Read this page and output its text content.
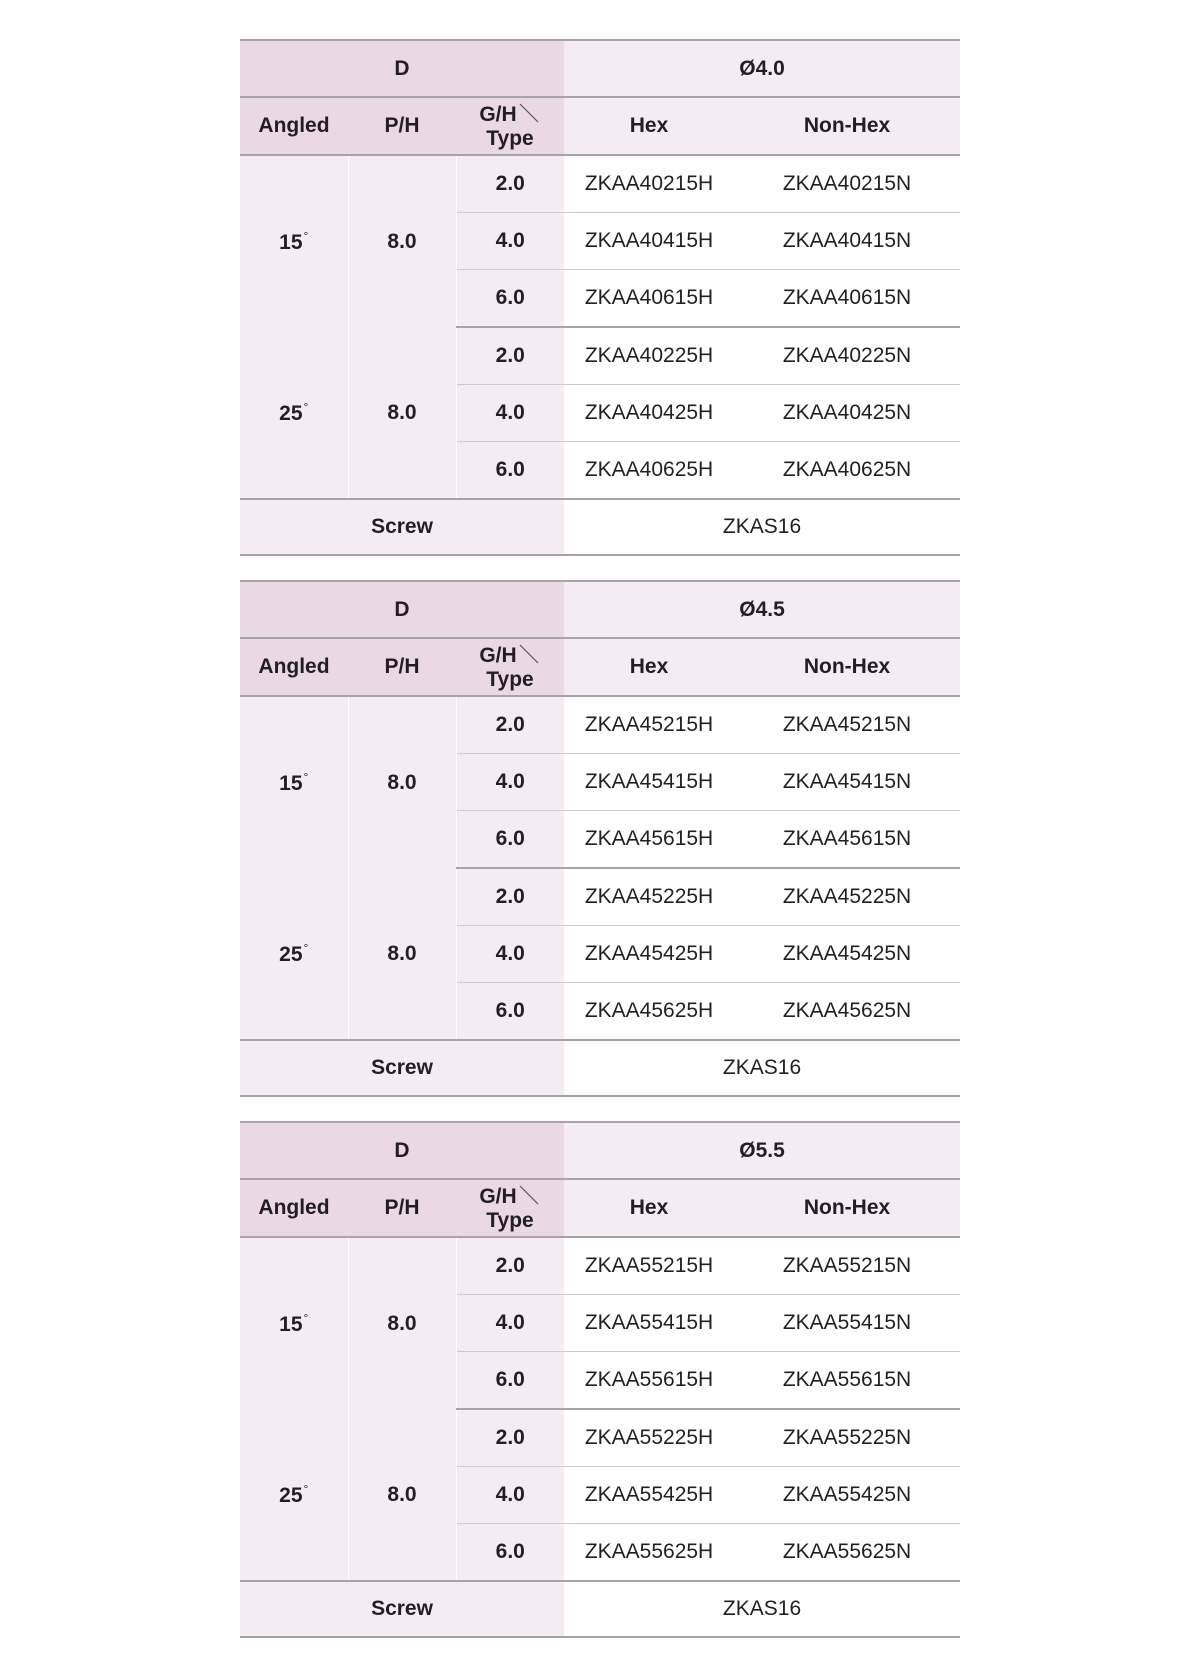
D			Ø4.0	
Angled	P/H	G/HType	Hex	Non-Hex
15°	8.0	2.0	ZKAA40215H	ZKAA40215N
		4.0	ZKAA40415H	ZKAA40415N
		6.0	ZKAA40615H	ZKAA40615N
25°	8.0	2.0	ZKAA40225H	ZKAA40225N
		4.0	ZKAA40425H	ZKAA40425N
		6.0	ZKAA40625H	ZKAA40625N
Screw			ZKAS16	
D			Ø4.5	
Angled	P/H	G/HType	Hex	Non-Hex
15°	8.0	2.0	ZKAA45215H	ZKAA45215N
		4.0	ZKAA45415H	ZKAA45415N
		6.0	ZKAA45615H	ZKAA45615N
25°	8.0	2.0	ZKAA45225H	ZKAA45225N
		4.0	ZKAA45425H	ZKAA45425N
		6.0	ZKAA45625H	ZKAA45625N
Screw			ZKAS16	
D			Ø5.5	
Angled	P/H	G/HType	Hex	Non-Hex
15°	8.0	2.0	ZKAA55215H	ZKAA55215N
		4.0	ZKAA55415H	ZKAA55415N
		6.0	ZKAA55615H	ZKAA55615N
25°	8.0	2.0	ZKAA55225H	ZKAA55225N
		4.0	ZKAA55425H	ZKAA55425N
		6.0	ZKAA55625H	ZKAA55625N
Screw			ZKAS16	
